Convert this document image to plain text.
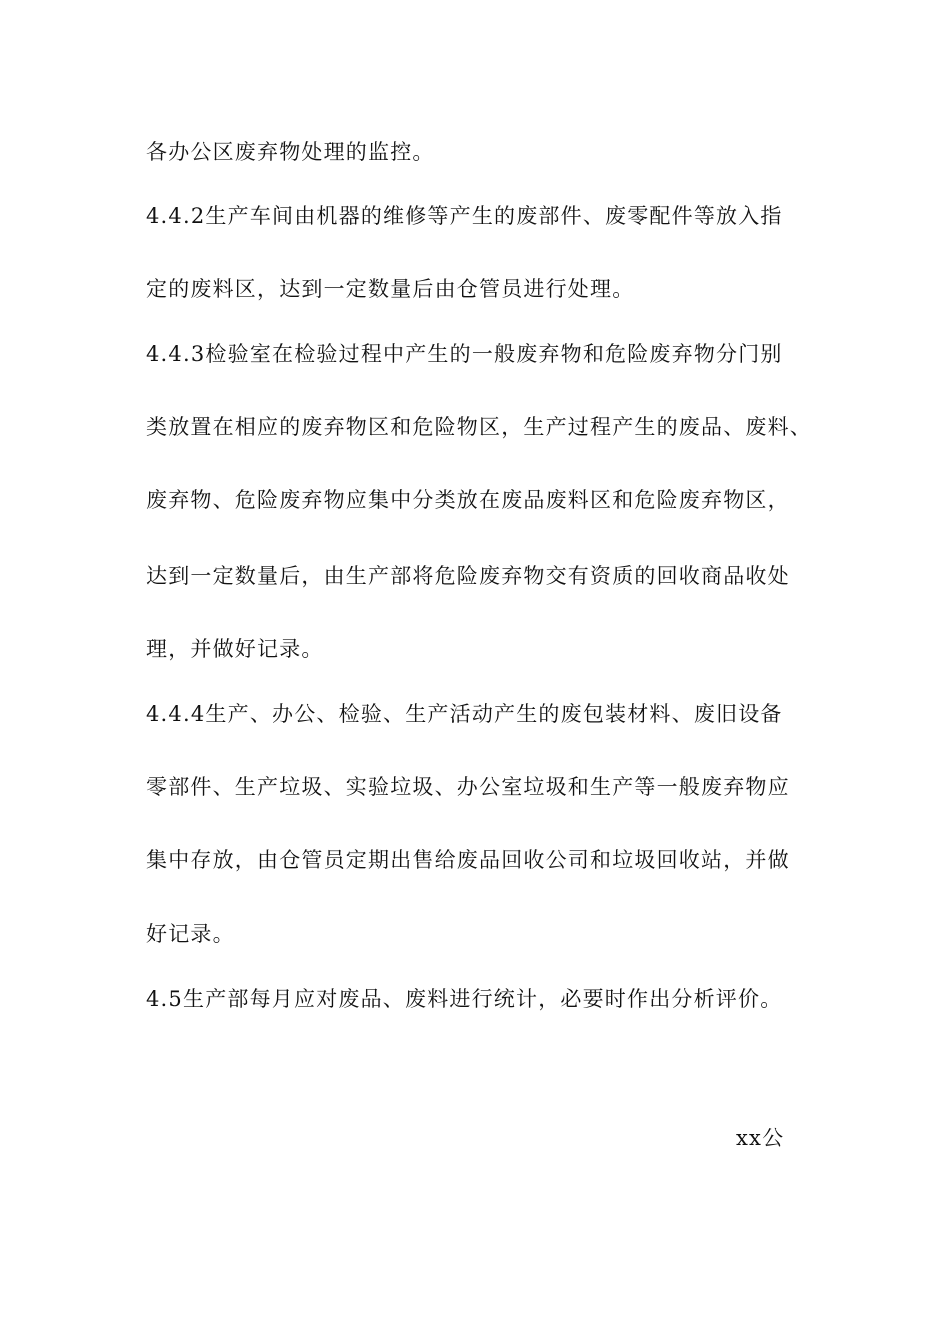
各办公区废弃物处理的监控。
4.4.2生产车间由机器的维修等产生的废部件、废零配件等放入指
定的废料区，达到一定数量后由仓管员进行处理。
4.4.3检验室在检验过程中产生的一般废弃物和危险废弃物分门别
类放置在相应的废弃物区和危险物区，生产过程产生的废品、废料、
废弃物、危险废弃物应集中分类放在废品废料区和危险废弃物区，
达到一定数量后，由生产部将危险废弃物交有资质的回收商品收处
理，并做好记录。
4.4.4生产、办公、检验、生产活动产生的废包装材料、废旧设备
零部件、生产垃圾、实验垃圾、办公室垃圾和生产等一般废弃物应
集中存放，由仓管员定期出售给废品回收公司和垃圾回收站，并做
好记录。
4.5生产部每月应对废品、废料进行统计，必要时作出分析评价。
xx公
